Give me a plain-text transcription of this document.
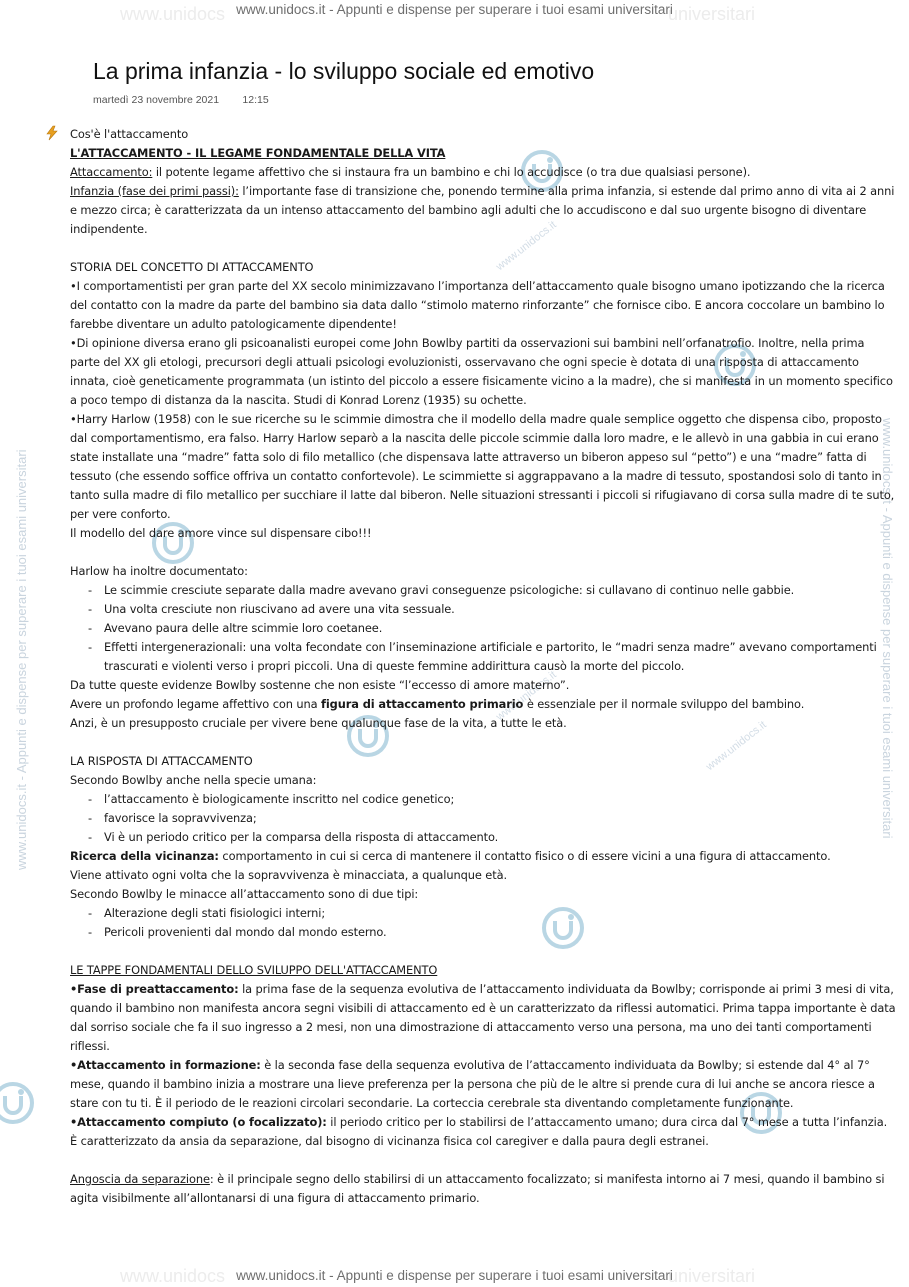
www.unidocs	universitari
www.unidocs.it - Appunti e dispense per superare i tuoi esami universitari
www.unidocs	universitari
www.unidocs.it - Appunti e dispense per superare i tuoi esami universitari
www.unidocs.it - Appunti e dispense per superare i tuoi esami universitari	www.unidocs.it - Appunti e dispense per superare i tuoi esami universitari
www.unidocs.it
www.unidocs.it
www.unidocs.it
La prima infanzia - lo sviluppo sociale ed emotivo
martedì 23 novembre 2021 12:15

Cos'è l'attaccamento

L'ATTACCAMENTO - IL LEGAME FONDAMENTALE DELLA VITA

Attaccamento: il potente legame affettivo che si instaura fra un bambino e chi lo accudisce (o tra due qualsiasi persone).

Infanzia (fase dei primi passi): l’importante fase di transizione che, ponendo termine alla prima infanzia, si estende dal primo anno di vita ai 2 anni e mezzo circa; è caratterizzata da un intenso attaccamento del bambino agli adulti che lo accudiscono e dal suo urgente bisogno di diventare indipendente.

STORIA DEL CONCETTO DI ATTACCAMENTO

•I comportamentisti per gran parte del XX secolo minimizzavano l’importanza dell’attaccamento quale bisogno umano ipotizzando che la ricerca del contatto con la madre da parte del bambino sia data dallo “stimolo materno rinforzante” che fornisce cibo. E ancora coccolare un bambino lo farebbe diventare un adulto patologicamente dipendente!

•Di opinione diversa erano gli psicoanalisti europei come John Bowlby partiti da osservazioni sui bambini nell’orfanatrofio. Inoltre, nella prima parte del XX gli etologi, precursori degli attuali psicologi evoluzionisti, osservavano che ogni specie è dotata di una risposta di attaccamento innata, cioè geneticamente programmata (un istinto del piccolo a essere fisicamente vicino a la madre), che si manifesta in un momento specifico a poco tempo di distanza da la nascita. Studi di Konrad Lorenz (1935) su ochette.

•Harry Harlow (1958) con le sue ricerche su le scimmie dimostra che il modello della madre quale semplice oggetto che dispensa cibo, proposto dal comportamentismo, era falso. Harry Harlow separò a la nascita delle piccole scimmie dalla loro madre, e le allevò in una gabbia in cui erano state installate una “madre” fatta solo di filo metallico (che dispensava latte attraverso un biberon appeso sul “petto”) e una “madre” fatta di tessuto (che essendo soffice offriva un contatto confortevole). Le scimmiette si aggrappavano a la madre di tessuto, spostandosi solo di tanto in tanto sulla madre di filo metallico per succhiare il latte dal biberon. Nelle situazioni stressanti i piccoli si rifugiavano di corsa sulla madre di te suto, per vere conforto.

Il modello del dare amore vince sul dispensare cibo!!!

Harlow ha inoltre documentato:

- Le scimmie cresciute separate dalla madre avevano gravi conseguenze psicologiche: si cullavano di continuo nelle gabbie.
- Una volta cresciute non riuscivano ad avere una vita sessuale.
- Avevano paura delle altre scimmie loro coetanee.
- Effetti intergenerazionali: una volta fecondate con l’inseminazione artificiale e partorito, le “madri senza madre” avevano comportamenti trascurati e violenti verso i propri piccoli. Una di queste femmine addirittura causò la morte del piccolo.

Da tutte queste evidenze Bowlby sostenne che non esiste “l’eccesso di amore materno”.

Avere un profondo legame affettivo con una figura di attaccamento primario è essenziale per il normale sviluppo del bambino.

Anzi, è un presupposto cruciale per vivere bene qualunque fase de la vita, a tutte le età.

LA RISPOSTA DI ATTACCAMENTO

Secondo Bowlby anche nella specie umana:

- l’attaccamento è biologicamente inscritto nel codice genetico;
- favorisce la sopravvivenza;
- Vi è un periodo critico per la comparsa della risposta di attaccamento.

Ricerca della vicinanza: comportamento in cui si cerca di mantenere il contatto fisico o di essere vicini a una figura di attaccamento.

Viene attivato ogni volta che la sopravvivenza è minacciata, a qualunque età.

Secondo Bowlby le minacce all’attaccamento sono di due tipi:

- Alterazione degli stati fisiologici interni;
- Pericoli provenienti dal mondo dal mondo esterno.

LE TAPPE FONDAMENTALI DELLO SVILUPPO DELL'ATTACCAMENTO

•Fase di preattaccamento: la prima fase de la sequenza evolutiva de l’attaccamento individuata da Bowlby; corrisponde ai primi 3 mesi di vita, quando il bambino non manifesta ancora segni visibili di attaccamento ed è un caratterizzato da riflessi automatici. Prima tappa importante è data dal sorriso sociale che fa il suo ingresso a 2 mesi, non una dimostrazione di attaccamento verso una persona, ma uno dei tanti comportamenti riflessi.

•Attaccamento in formazione: è la seconda fase della sequenza evolutiva de l’attaccamento individuata da Bowlby; si estende dal 4° al 7° mese, quando il bambino inizia a mostrare una lieve preferenza per la persona che più de le altre si prende cura di lui anche se ancora riesce a stare con tu ti. È il periodo de le reazioni circolari secondarie. La corteccia cerebrale sta diventando completamente funzionante.

•Attaccamento compiuto (o focalizzato): il periodo critico per lo stabilirsi de l’attaccamento umano; dura circa dal 7° mese a tutta l’infanzia. È caratterizzato da ansia da separazione, dal bisogno di vicinanza fisica col caregiver e dalla paura degli estranei.

Angoscia da separazione: è il principale segno dello stabilirsi di un attaccamento focalizzato; si manifesta intorno ai 7 mesi, quando il bambino si agita visibilmente all’allontanarsi di una figura di attaccamento primario.
